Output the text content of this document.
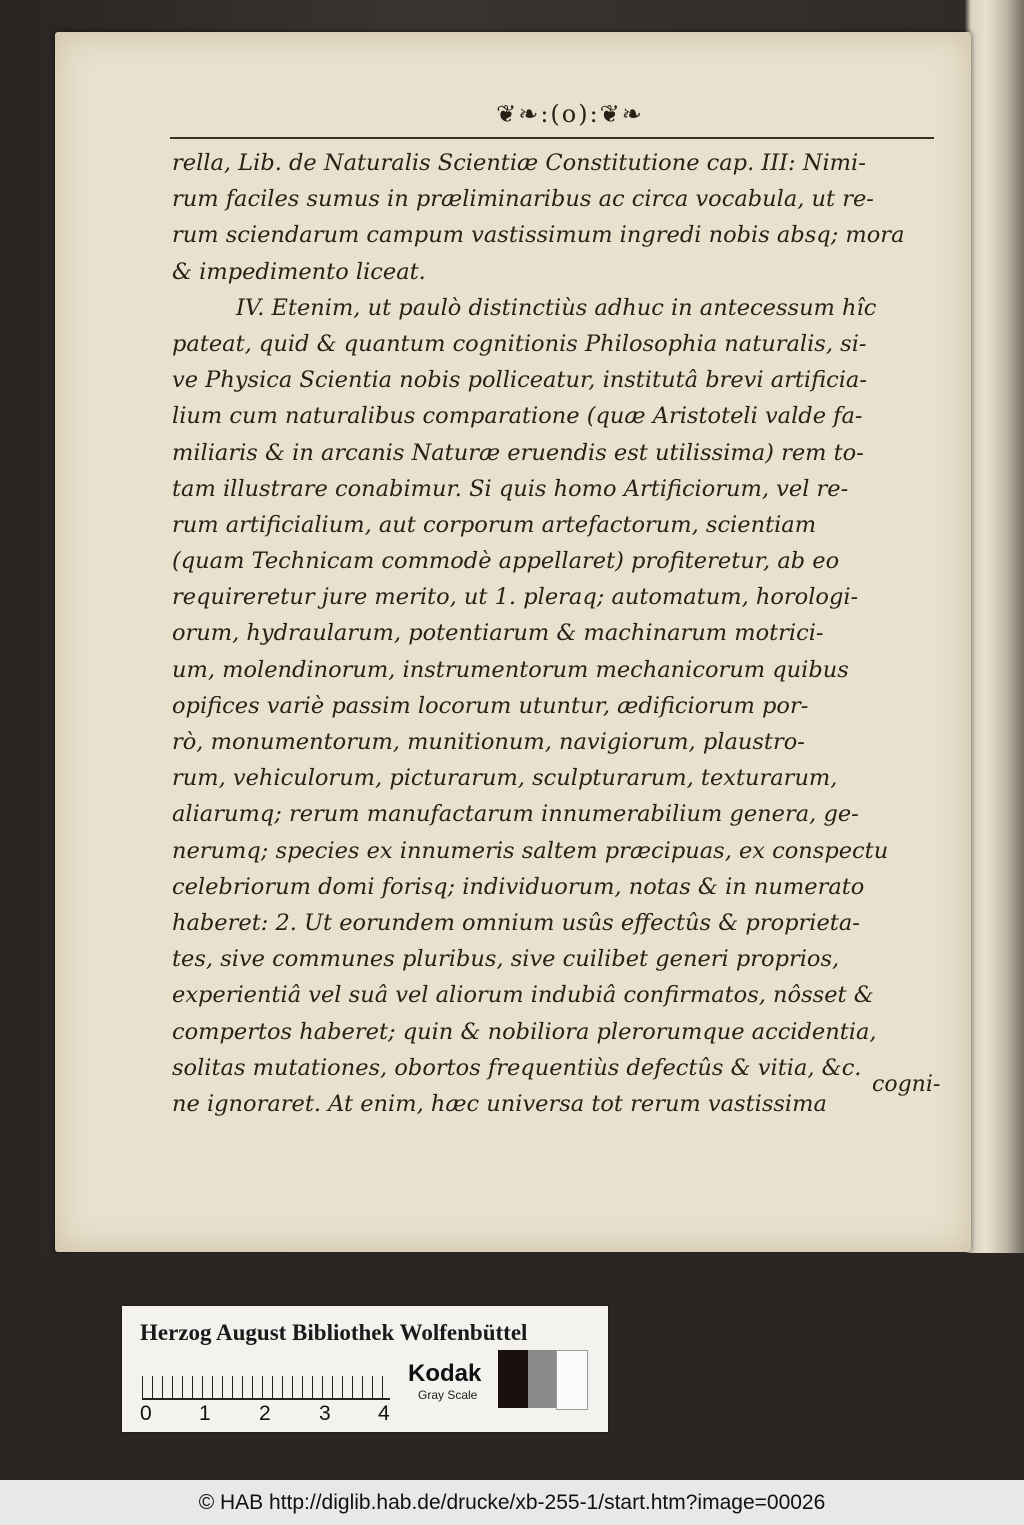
❦❧:(o):❦❧
rella, Lib. de Naturalis Scientiæ Constitutione cap. III: Nimi-
rum faciles sumus in præliminaribus ac circa vocabula, ut re-
rum sciendarum campum vastissimum ingredi nobis absq; mora
& impedimento liceat.
IV. Etenim, ut paulò distinctiùs adhuc in antecessum hîc
pateat, quid & quantum cognitionis Philosophia naturalis, si-
ve Physica Scientia nobis polliceatur, institutâ brevi artificia-
lium cum naturalibus comparatione (quæ Aristoteli valde fa-
miliaris & in arcanis Naturæ eruendis est utilissima) rem to-
tam illustrare conabimur. Si quis homo Artificiorum, vel re-
rum artificialium, aut corporum artefactorum, scientiam
(quam Technicam commodè appellaret) profiteretur, ab eo
requireretur jure merito, ut 1. pleraq; automatum, horologi-
orum, hydraularum, potentiarum & machinarum motrici-
um, molendinorum, instrumentorum mechanicorum quibus
opifices variè passim locorum utuntur, ædificiorum por-
rò, monumentorum, munitionum, navigiorum, plaustro-
rum, vehiculorum, picturarum, sculpturarum, texturarum,
aliarumq; rerum manufactarum innumerabilium genera, ge-
nerumq; species ex innumeris saltem præcipuas, ex conspectu
celebriorum domi forisq; individuorum, notas & in numerato
haberet: 2. Ut eorundem omnium usûs effectûs & proprieta-
tes, sive communes pluribus, sive cuilibet generi proprios,
experientiâ vel suâ vel aliorum indubiâ confirmatos, nôsset &
compertos haberet; quin & nobiliora plerorumque accidentia,
solitas mutationes, obortos frequentiùs defectûs & vitia, &c.
ne ignoraret. At enim, hæc universa tot rerum vastissima
cogni-
Herzog August Bibliothek Wolfenbüttel
0 1 2 3 4
Kodak
Gray Scale
© HAB http://diglib.hab.de/drucke/xb-255-1/start.htm?image=00026
